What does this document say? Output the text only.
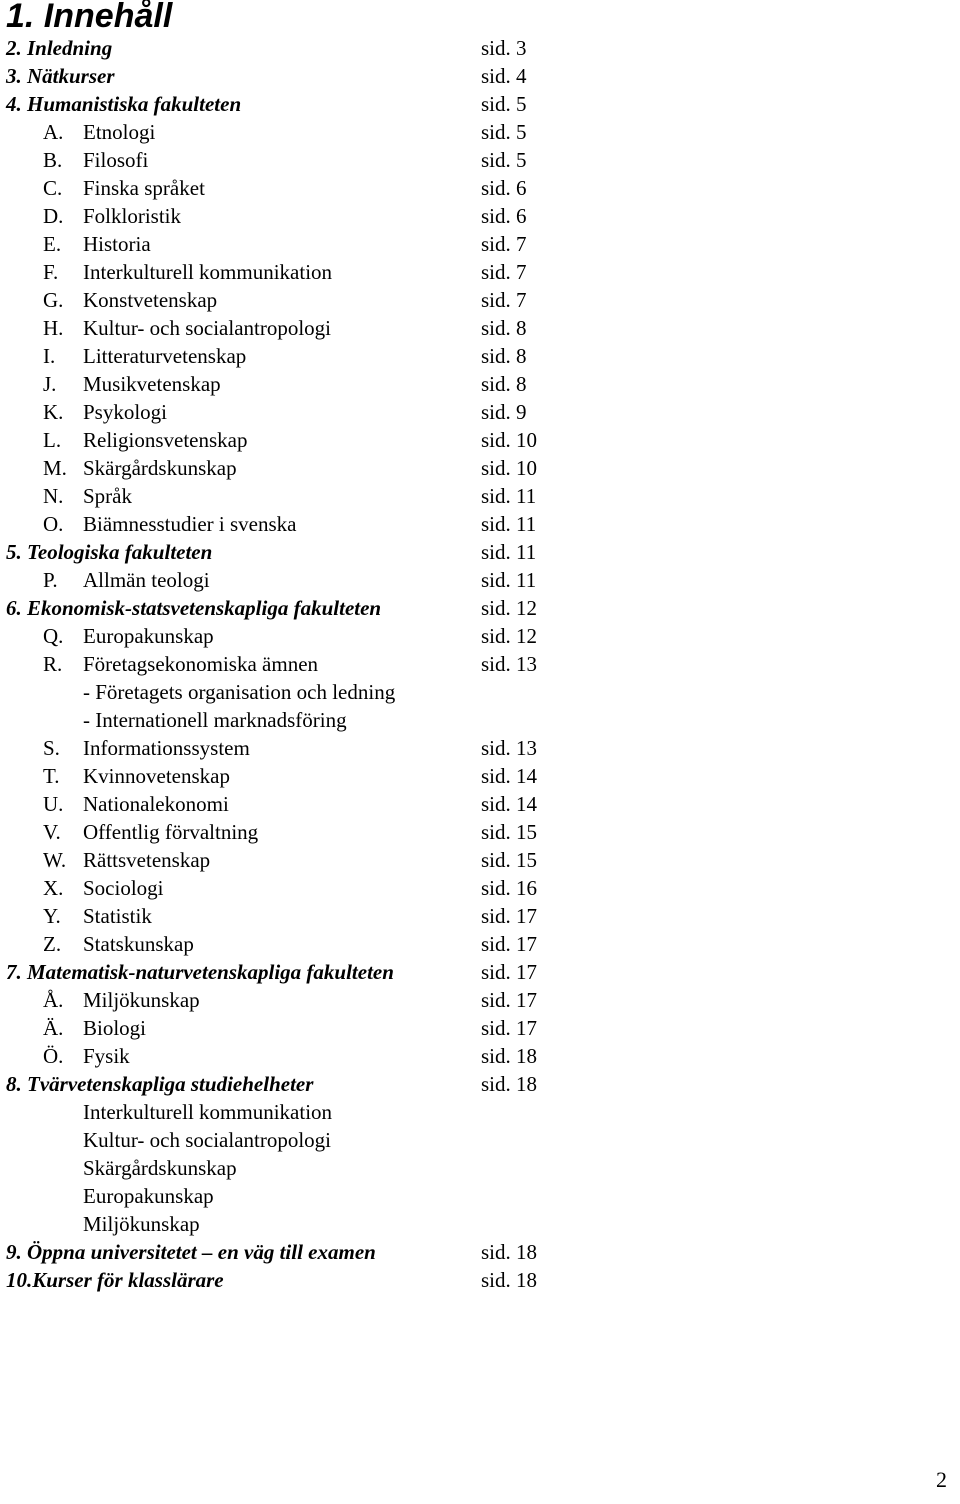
1. Innehåll
2. Inledning	sid. 3
3. Nätkurser	sid. 4
4. Humanistiska fakulteten	sid. 5
A. Etnologi	sid. 5
B. Filosofi	sid. 5
C. Finska språket	sid. 6
D. Folkloristik	sid. 6
E. Historia	sid. 7
F. Interkulturell kommunikation	sid. 7
G. Konstvetenskap	sid. 7
H. Kultur- och socialantropologi	sid. 8
I. Litteraturvetenskap	sid. 8
J. Musikvetenskap	sid. 8
K. Psykologi	sid. 9
L. Religionsvetenskap	sid. 10
M. Skärgårdskunskap	sid. 10
N. Språk	sid. 11
O. Biämnesstudier i svenska	sid. 11
5. Teologiska fakulteten	sid. 11
P. Allmän teologi	sid. 11
6. Ekonomisk-statsvetenskapliga fakulteten	sid. 12
Q. Europakunskap	sid. 12
R. Företagsekonomiska ämnen	sid. 13
- Företagets organisation och ledning
- Internationell marknadsföring
S. Informationssystem	sid. 13
T. Kvinnovetenskap	sid. 14
U. Nationalekonomi	sid. 14
V. Offentlig förvaltning	sid. 15
W. Rättsvetenskap	sid. 15
X. Sociologi	sid. 16
Y. Statistik	sid. 17
Z. Statskunskap	sid. 17
7. Matematisk-naturvetenskapliga fakulteten	sid. 17
Å. Miljökunskap	sid. 17
Ä. Biologi	sid. 17
Ö. Fysik	sid. 18
8. Tvärvetenskapliga studiehelheter	sid. 18
Interkulturell kommunikation
Kultur- och socialantropologi
Skärgårdskunskap
Europakunskap
Miljökunskap
9. Öppna universitetet – en väg till examen	sid. 18
10.Kurser för klasslärare	sid. 18
2
